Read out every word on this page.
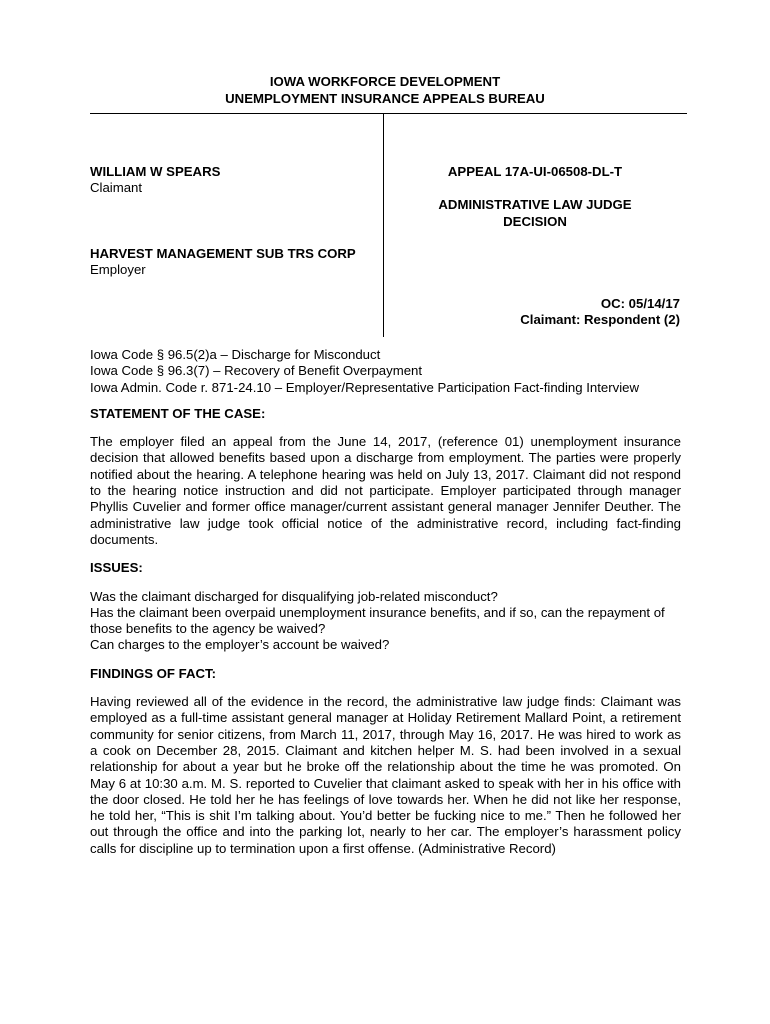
IOWA WORKFORCE DEVELOPMENT
UNEMPLOYMENT INSURANCE APPEALS BUREAU
WILLIAM W SPEARS
Claimant
HARVEST MANAGEMENT SUB TRS CORP
Employer
APPEAL 17A-UI-06508-DL-T
ADMINISTRATIVE LAW JUDGE
DECISION
OC: 05/14/17
Claimant: Respondent (2)

Iowa Code § 96.5(2)a – Discharge for Misconduct
Iowa Code § 96.3(7) – Recovery of Benefit Overpayment
Iowa Admin. Code r. 871-24.10 – Employer/Representative Participation Fact-finding Interview

STATEMENT OF THE CASE:

The employer filed an appeal from the June 14, 2017, (reference 01) unemployment insurance decision that allowed benefits based upon a discharge from employment. The parties were properly notified about the hearing. A telephone hearing was held on July 13, 2017. Claimant did not respond to the hearing notice instruction and did not participate. Employer participated through manager Phyllis Cuvelier and former office manager/current assistant general manager Jennifer Deuther. The administrative law judge took official notice of the administrative record, including fact-finding documents.

ISSUES:

Was the claimant discharged for disqualifying job-related misconduct?
Has the claimant been overpaid unemployment insurance benefits, and if so, can the repayment of those benefits to the agency be waived?
Can charges to the employer’s account be waived?

FINDINGS OF FACT:

Having reviewed all of the evidence in the record, the administrative law judge finds: Claimant was employed as a full-time assistant general manager at Holiday Retirement Mallard Point, a retirement community for senior citizens, from March 11, 2017, through May 16, 2017. He was hired to work as a cook on December 28, 2015. Claimant and kitchen helper M. S. had been involved in a sexual relationship for about a year but he broke off the relationship about the time he was promoted. On May 6 at 10:30 a.m. M. S. reported to Cuvelier that claimant asked to speak with her in his office with the door closed. He told her he has feelings of love towards her. When he did not like her response, he told her, “This is shit I’m talking about. You’d better be fucking nice to me.” Then he followed her out through the office and into the parking lot, nearly to her car. The employer’s harassment policy calls for discipline up to termination upon a first offense. (Administrative Record)
